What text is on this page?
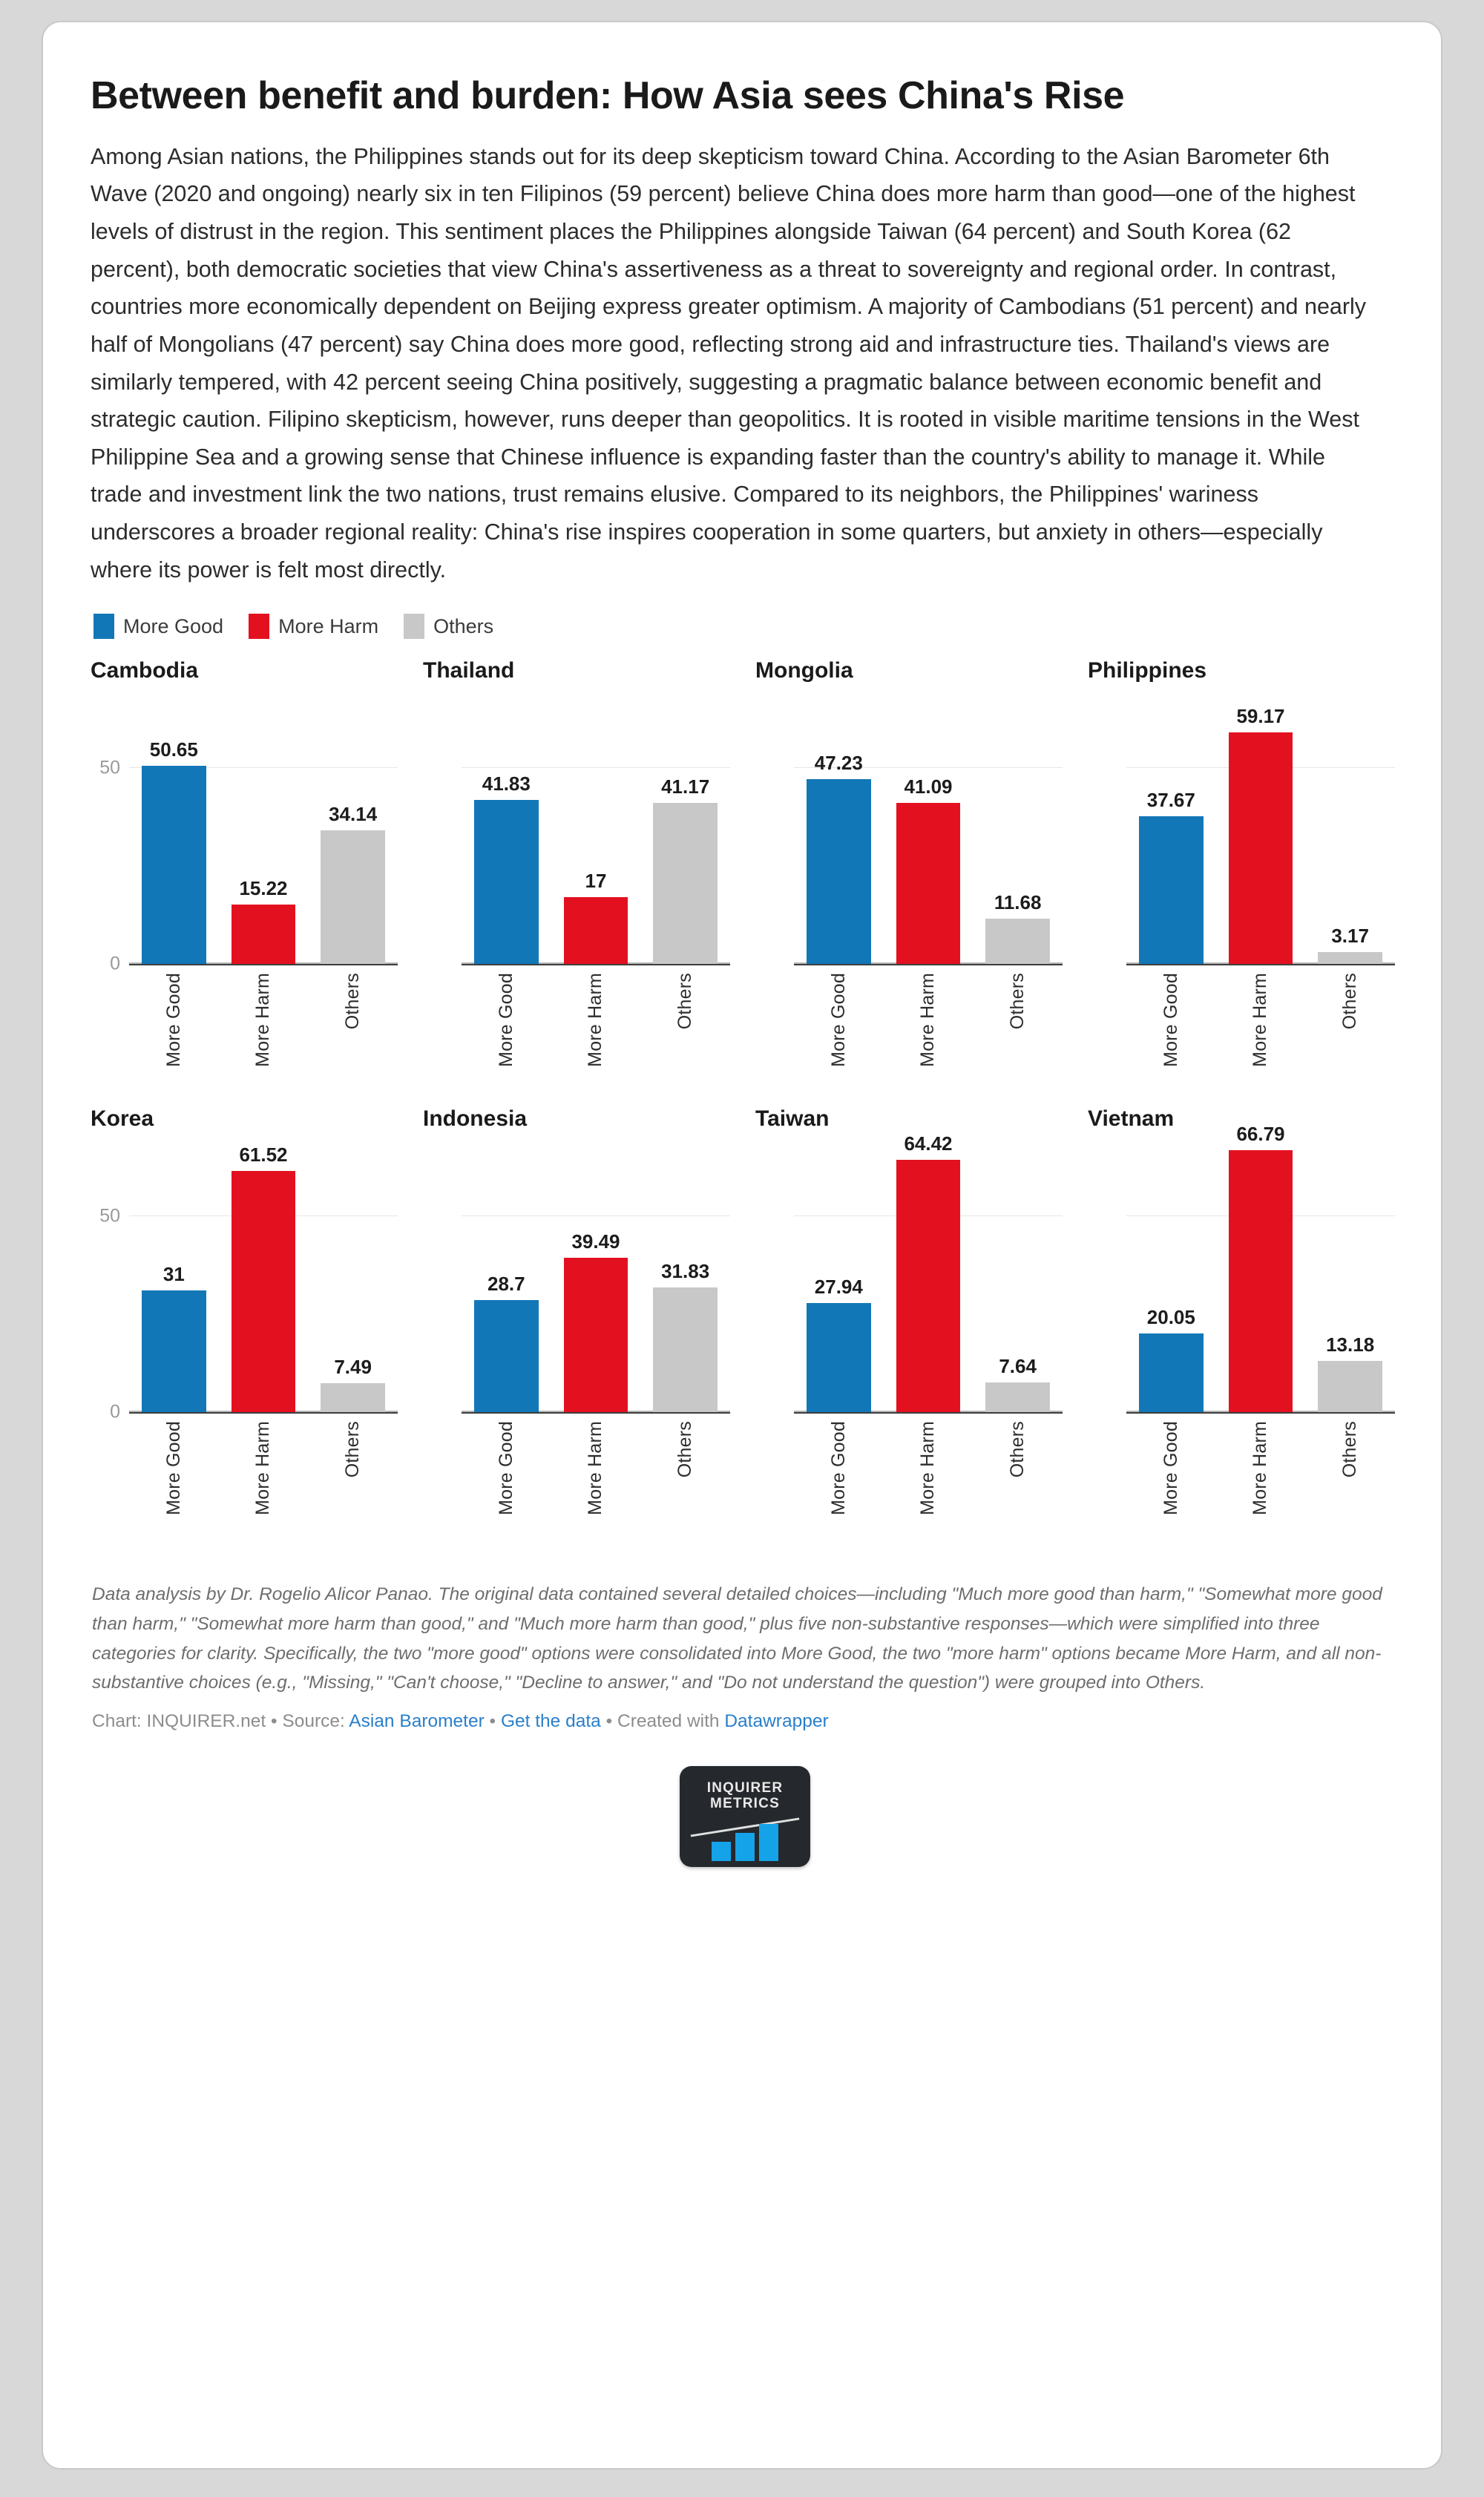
Between benefit and burden: How Asia sees China's Rise

Among Asian nations, the Philippines stands out for its deep skepticism toward China. According to the Asian Barometer 6th Wave (2020 and ongoing) nearly six in ten Filipinos (59 percent) believe China does more harm than good—one of the highest levels of distrust in the region. This sentiment places the Philippines alongside Taiwan (64 percent) and South Korea (62 percent), both democratic societies that view China's assertiveness as a threat to sovereignty and regional order. In contrast, countries more economically dependent on Beijing express greater optimism. A majority of Cambodians (51 percent) and nearly half of Mongolians (47 percent) say China does more good, reflecting strong aid and infrastructure ties. Thailand's views are similarly tempered, with 42 percent seeing China positively, suggesting a pragmatic balance between economic benefit and strategic caution. Filipino skepticism, however, runs deeper than geopolitics. It is rooted in visible maritime tensions in the West Philippine Sea and a growing sense that Chinese influence is expanding faster than the country's ability to manage it. While trade and investment link the two nations, trust remains elusive. Compared to its neighbors, the Philippines' wariness underscores a broader regional reality: China's rise inspires cooperation in some quarters, but anxiety in others—especially where its power is felt most directly.

More Good	More Harm	Others
Cambodia
0
50
50.65
15.22
34.14
More Good	More Harm	Others
Thailand
41.83
17
41.17
More Good	More Harm	Others
Mongolia
47.23
41.09
11.68
More Good	More Harm	Others
Philippines
37.67
59.17
3.17
More Good	More Harm	Others
Korea
0
50
31
61.52
7.49
More Good	More Harm	Others
Indonesia
28.7
39.49
31.83
More Good	More Harm	Others
Taiwan
27.94
64.42
7.64
More Good	More Harm	Others
Vietnam
20.05
66.79
13.18
More Good	More Harm	Others

Data analysis by Dr. Rogelio Alicor Panao. The original data contained several detailed choices—including "Much more good than harm," "Somewhat more good than harm," "Somewhat more harm than good," and "Much more harm than good," plus five non-substantive responses—which were simplified into three categories for clarity. Specifically, the two "more good" options were consolidated into More Good, the two "more harm" options became More Harm, and all non-substantive choices (e.g., "Missing," "Can't choose," "Decline to answer," and "Do not understand the question") were grouped into Others.

Chart: INQUIRER.net • Source: Asian Barometer • Get the data • Created with Datawrapper
INQUIRER
METRICS
